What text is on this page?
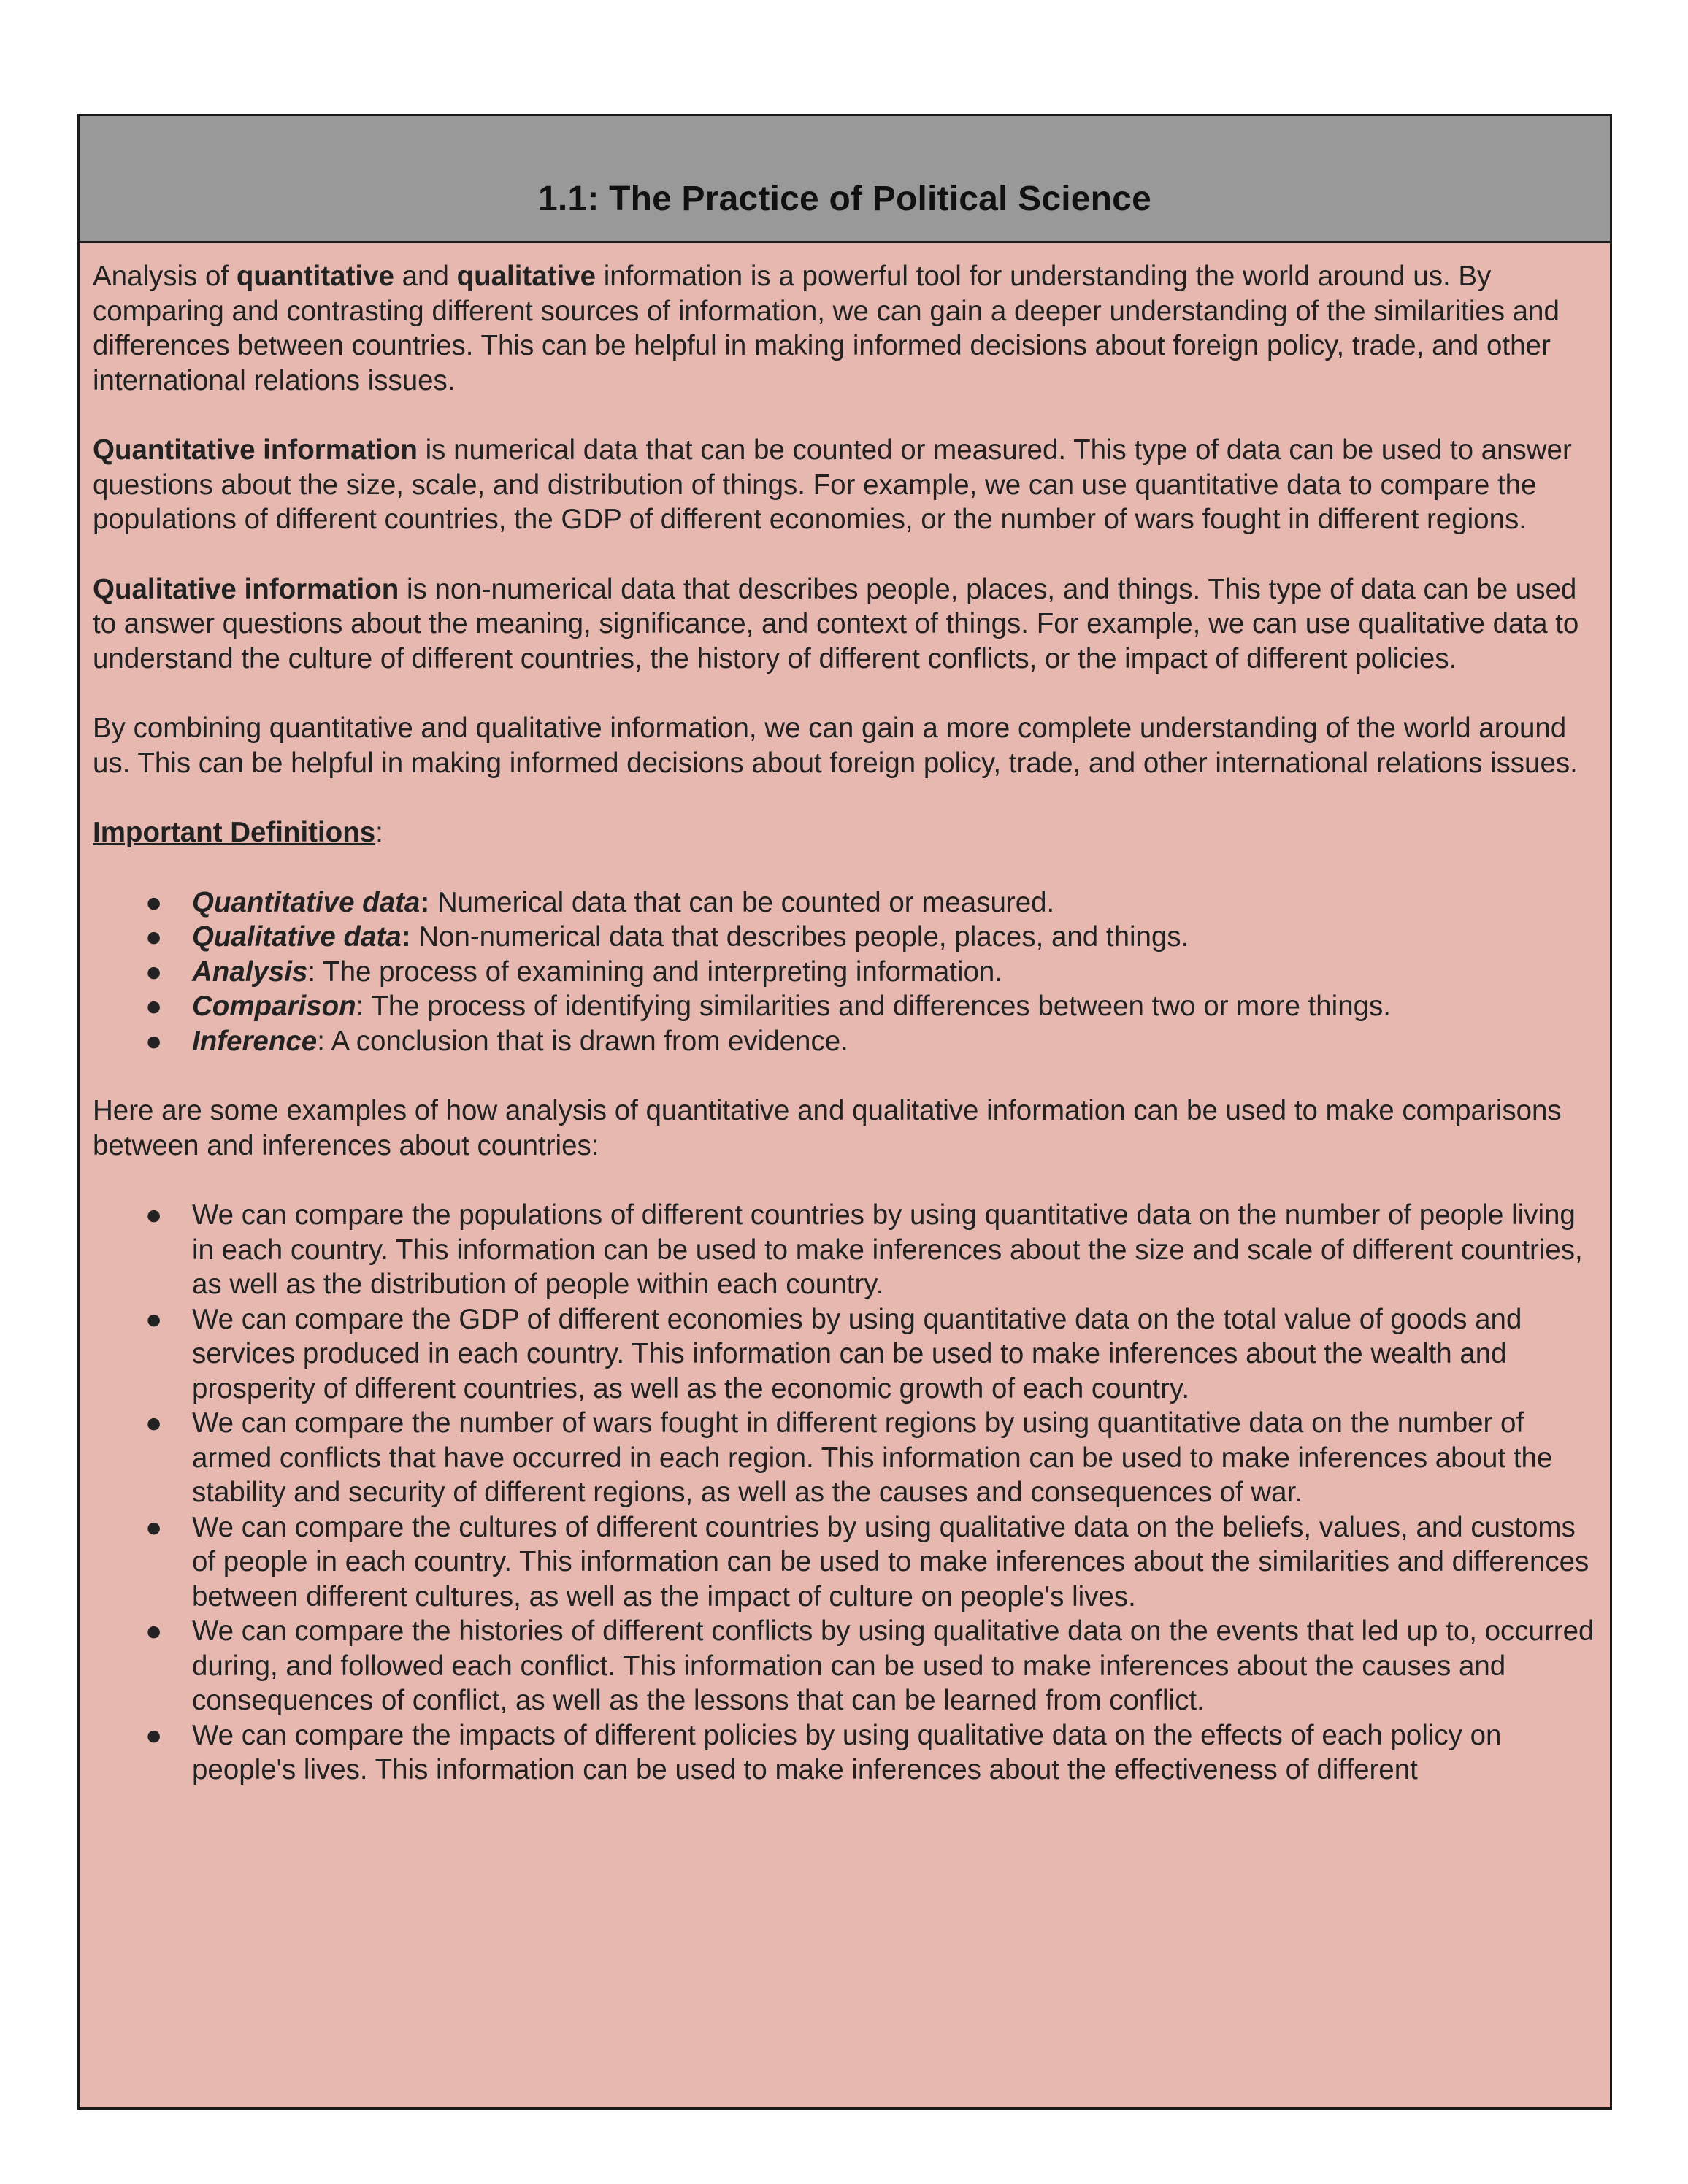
1.1: The Practice of Political Science

Analysis of quantitative and qualitative information is a powerful tool for understanding the world around us. By comparing and contrasting different sources of information, we can gain a deeper understanding of the similarities and differences between countries. This can be helpful in making informed decisions about foreign policy, trade, and other international relations issues.

Quantitative information is numerical data that can be counted or measured. This type of data can be used to answer questions about the size, scale, and distribution of things. For example, we can use quantitative data to compare the populations of different countries, the GDP of different economies, or the number of wars fought in different regions.

Qualitative information is non-numerical data that describes people, places, and things. This type of data can be used to answer questions about the meaning, significance, and context of things. For example, we can use qualitative data to understand the culture of different countries, the history of different conflicts, or the impact of different policies.

By combining quantitative and qualitative information, we can gain a more complete understanding of the world around us. This can be helpful in making informed decisions about foreign policy, trade, and other international relations issues.

Important Definitions:

● Quantitative data: Numerical data that can be counted or measured.
● Qualitative data: Non-numerical data that describes people, places, and things.
● Analysis: The process of examining and interpreting information.
● Comparison: The process of identifying similarities and differences between two or more things.
● Inference: A conclusion that is drawn from evidence.

Here are some examples of how analysis of quantitative and qualitative information can be used to make comparisons between and inferences about countries:

● We can compare the populations of different countries by using quantitative data on the number of people living in each country. This information can be used to make inferences about the size and scale of different countries, as well as the distribution of people within each country.
● We can compare the GDP of different economies by using quantitative data on the total value of goods and services produced in each country. This information can be used to make inferences about the wealth and prosperity of different countries, as well as the economic growth of each country.
● We can compare the number of wars fought in different regions by using quantitative data on the number of armed conflicts that have occurred in each region. This information can be used to make inferences about the stability and security of different regions, as well as the causes and consequences of war.
● We can compare the cultures of different countries by using qualitative data on the beliefs, values, and customs of people in each country. This information can be used to make inferences about the similarities and differences between different cultures, as well as the impact of culture on people's lives.
● We can compare the histories of different conflicts by using qualitative data on the events that led up to, occurred during, and followed each conflict. This information can be used to make inferences about the causes and consequences of conflict, as well as the lessons that can be learned from conflict.
● We can compare the impacts of different policies by using qualitative data on the effects of each policy on people's lives. This information can be used to make inferences about the effectiveness of different
